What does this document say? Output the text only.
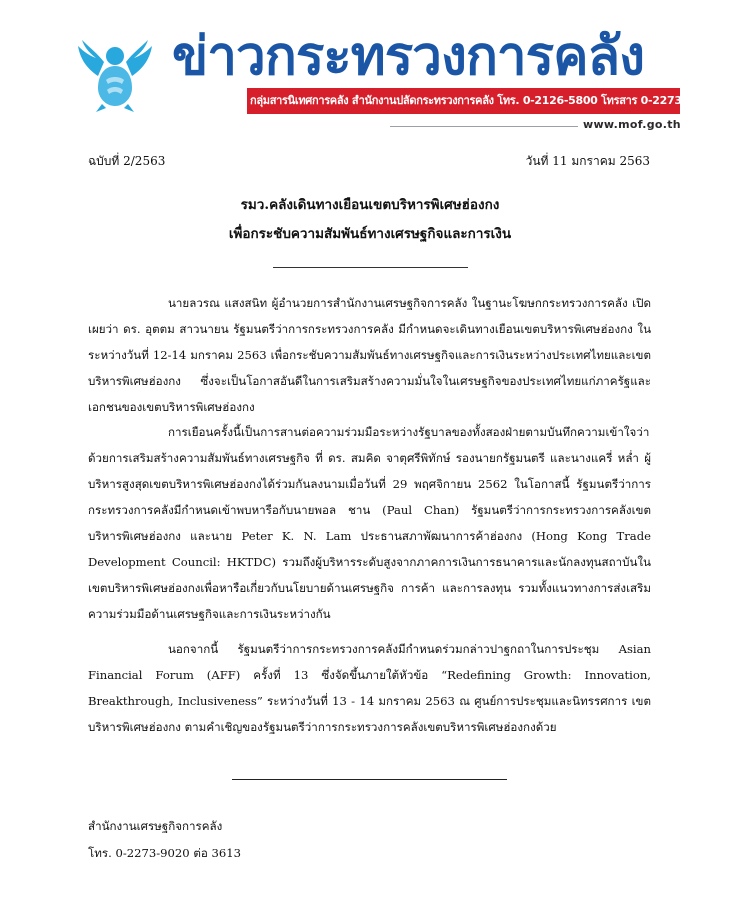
ข่าวกระทรวงการคลัง
กลุ่มสารนิเทศการคลัง สำนักงานปลัดกระทรวงการคลัง โทร. 0-2126-5800 โทรสาร 0-2273-9763
www.mof.go.th
ฉบับที่ 2/2563	วันที่ 11 มกราคม 2563
รมว.คลังเดินทางเยือนเขตบริหารพิเศษฮ่องกง
เพื่อกระชับความสัมพันธ์ทางเศรษฐกิจและการเงิน

นายลวรณ แสงสนิท ผู้อำนวยการสำนักงานเศรษฐกิจการคลัง ในฐานะโฆษกกระทรวงการคลัง เปิดเผยว่า ดร. อุตตม สาวนายน รัฐมนตรีว่าการกระทรวงการคลัง มีกำหนดจะเดินทางเยือนเขตบริหารพิเศษฮ่องกง ในระหว่างวันที่ 12-14 มกราคม 2563 เพื่อกระชับความสัมพันธ์ทางเศรษฐกิจและการเงินระหว่างประเทศไทยและเขตบริหารพิเศษฮ่องกง ซึ่งจะเป็นโอกาสอันดีในการเสริมสร้างความมั่นใจในเศรษฐกิจของประเทศไทยแก่ภาครัฐและเอกชนของเขตบริหารพิเศษฮ่องกง

การเยือนครั้งนี้เป็นการสานต่อความร่วมมือระหว่างรัฐบาลของทั้งสองฝ่ายตามบันทึกความเข้าใจว่าด้วยการเสริมสร้างความสัมพันธ์ทางเศรษฐกิจ ที่ ดร. สมคิด จาตุศรีพิทักษ์ รองนายกรัฐมนตรี และนางแครี่ หล่ำ ผู้บริหารสูงสุดเขตบริหารพิเศษฮ่องกงได้ร่วมกันลงนามเมื่อวันที่ 29 พฤศจิกายน 2562 ในโอกาสนี้ รัฐมนตรีว่าการกระทรวงการคลังมีกำหนดเข้าพบหารือกับนายพอล ชาน (Paul Chan) รัฐมนตรีว่าการกระทรวงการคลังเขตบริหารพิเศษฮ่องกง และนาย Peter K. N. Lam ประธานสภาพัฒนาการค้าฮ่องกง (Hong Kong Trade Development Council: HKTDC) รวมถึงผู้บริหารระดับสูงจากภาคการเงินการธนาคารและนักลงทุนสถาบันในเขตบริหารพิเศษฮ่องกงเพื่อหารือเกี่ยวกับนโยบายด้านเศรษฐกิจ การค้า และการลงทุน รวมทั้งแนวทางการส่งเสริมความร่วมมือด้านเศรษฐกิจและการเงินระหว่างกัน

นอกจากนี้ รัฐมนตรีว่าการกระทรวงการคลังมีกำหนดร่วมกล่าวปาฐกถาในการประชุม Asian Financial Forum (AFF) ครั้งที่ 13 ซึ่งจัดขึ้นภายใต้หัวข้อ “Redefining Growth: Innovation, Breakthrough, Inclusiveness” ระหว่างวันที่ 13 - 14 มกราคม 2563 ณ ศูนย์การประชุมและนิทรรศการ เขตบริหารพิเศษฮ่องกง ตามคำเชิญของรัฐมนตรีว่าการกระทรวงการคลังเขตบริหารพิเศษฮ่องกงด้วย

สำนักงานเศรษฐกิจการคลัง
โทร. 0-2273-9020 ต่อ 3613
